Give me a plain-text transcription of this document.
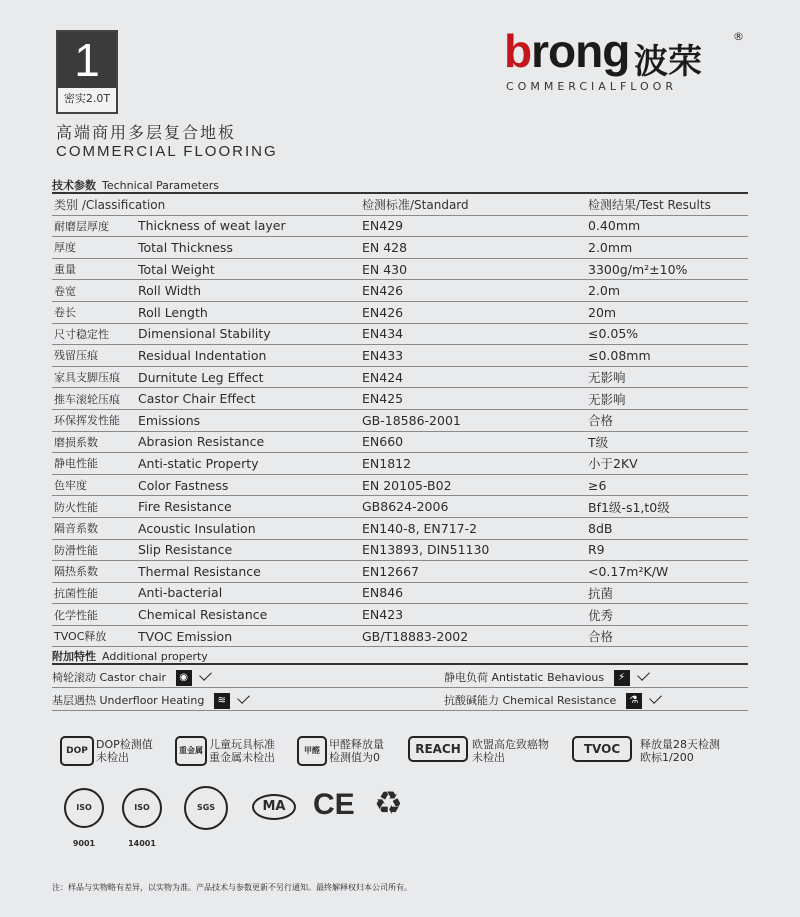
1
密实2.0T
brong 波荣
®
COMMERCIALFLOOR
高端商用多层复合地板
COMMERCIAL FLOORING
技术参数 Technical Parameters
类别 /Classification		检测标准/Standard	检测结果/Test Results
耐磨层厚度	Thickness of weat layer	EN429	0.40mm
厚度	Total Thickness	EN 428	2.0mm
重量	Total Weight	EN 430	3300g/m²±10%
卷宽	Roll Width	EN426	2.0m
卷长	Roll Length	EN426	20m
尺寸稳定性	Dimensional Stability	EN434	≤0.05%
残留压痕	Residual Indentation	EN433	≤0.08mm
家具支脚压痕	Durnitute Leg Effect	EN424	无影响
推车滚轮压痕	Castor Chair Effect	EN425	无影响
环保挥发性能	Emissions	GB-18586-2001	合格
磨损系数	Abrasion Resistance	EN660	T级
静电性能	Anti-static Property	EN1812	小于2KV
色牢度	Color Fastness	EN 20105-B02	≥6
防火性能	Fire Resistance	GB8624-2006	Bf1级-s1,t0级
隔音系数	Acoustic Insulation	EN140-8, EN717-2	8dB
防滑性能	Slip Resistance	EN13893, DIN51130	R9
隔热系数	Thermal Resistance	EN12667	<0.17m²K/W
抗菌性能	Anti-bacterial	EN846	抗菌
化学性能	Chemical Resistance	EN423	优秀
TVOC释放	TVOC Emission	GB/T18883-2002	合格
附加特性 Additional property
椅轮滚动 Castor chair ◉	静电负荷 Antistatic Behavious ⚡
基层遇热 Underfloor Heating ≋	抗酸碱能力 Chemical Resistance ⚗
DOP DOP检测值
未检出
重金属 儿童玩具标准
重金属未检出
甲醛 甲醛释放量
检测值为0
REACH	欧盟高危致癌物
未检出
TVOC	释放量28天检测
欧标1/200
ISO 9001
ISO 14001
SGS	MA CE ♻
注：样品与实物略有差异，以实物为准。产品技术与参数更新不另行通知。最终解释权归本公司所有。
